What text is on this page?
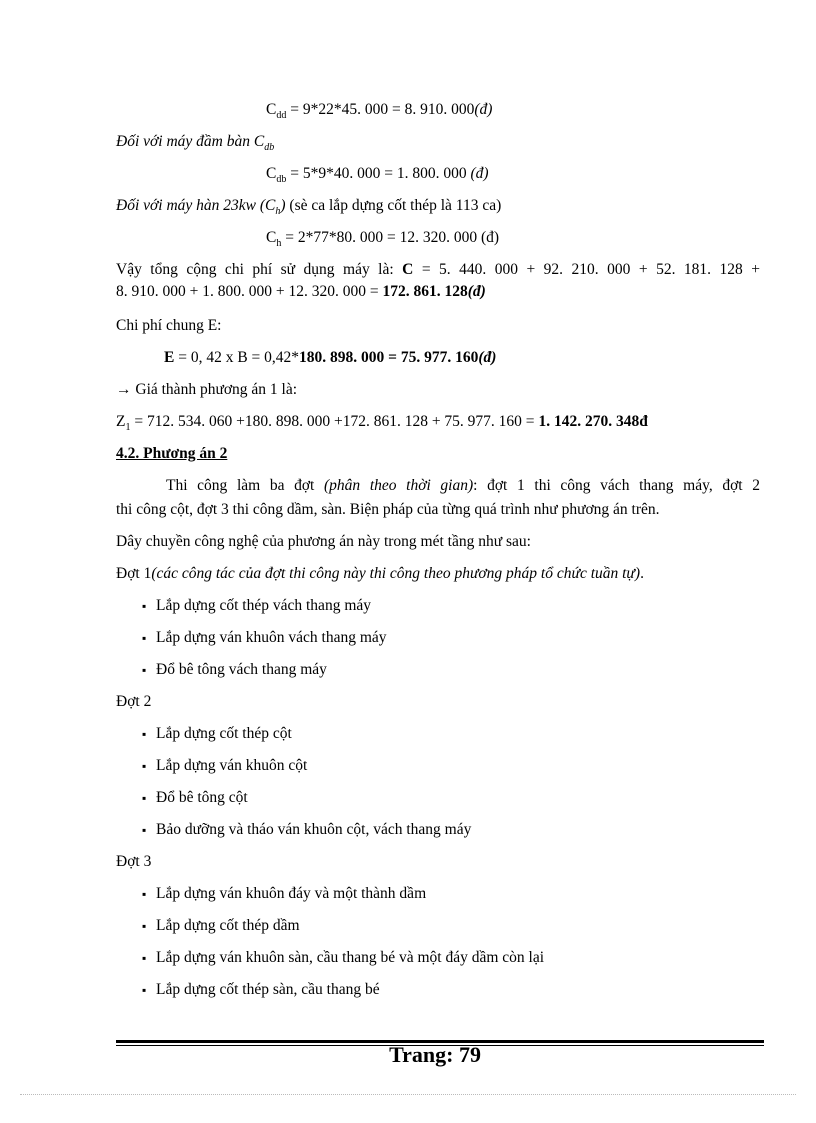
$C_{dd} = 9*22*45$. 000 = 8. 910. 000(đ)
Đối với máy đầm bàn $C_{db}$
$C_{db} = 5*9*40$. 000 = 1. 800. 000 (đ)
Đối với máy hàn 23kw $(C_h)$ (sè ca lắp dựng cốt thép là 113 ca)
$C_h = 2*77*80$. 000 = 12. 320. 000 (đ)
Vậy tổng cộng chi phí sử dụng máy là: C = 5. 440. 000 + 92. 210. 000 + 52. 181. 128 +
8. 910. 000 + 1. 800. 000 + 12. 320. 000 = 172. 861. 128(đ)
Chi phí chung E:
E = 0, 42 x B = 0,42*180. 898. 000 = 75. 977. 160(đ)
→ Giá thành phương án 1 là:
$Z_1 = 712$. 534. 060 +180. 898. 000 +172. 861. 128 + 75. 977. 160 = 1. 142. 270. 348đ
4.2. Phương án 2
Thi công làm ba đợt (phân theo thời gian): đợt 1 thi công vách thang máy, đợt 2
thi công cột, đợt 3 thi công dầm, sàn. Biện pháp của từng quá trình như phương án trên.
Dây chuyền công nghệ của phương án này trong mét tầng như sau:
Đợt 1(các công tác của đợt thi công này thi công theo phương pháp tổ chức tuần tự).
▪ Lắp dựng cốt thép vách thang máy
▪ Lắp dựng ván khuôn vách thang máy
▪ Đổ bê tông vách thang máy
Đợt 2
▪ Lắp dựng cốt thép cột
▪ Lắp dựng ván khuôn cột
▪ Đổ bê tông cột
▪ Bảo dưỡng và tháo ván khuôn cột, vách thang máy
Đợt 3
▪ Lắp dựng ván khuôn đáy và một thành dầm
▪ Lắp dựng cốt thép dầm
▪ Lắp dựng ván khuôn sàn, cầu thang bé và một đáy dầm còn lại
▪ Lắp dựng cốt thép sàn, cầu thang bé
Trang: 79
